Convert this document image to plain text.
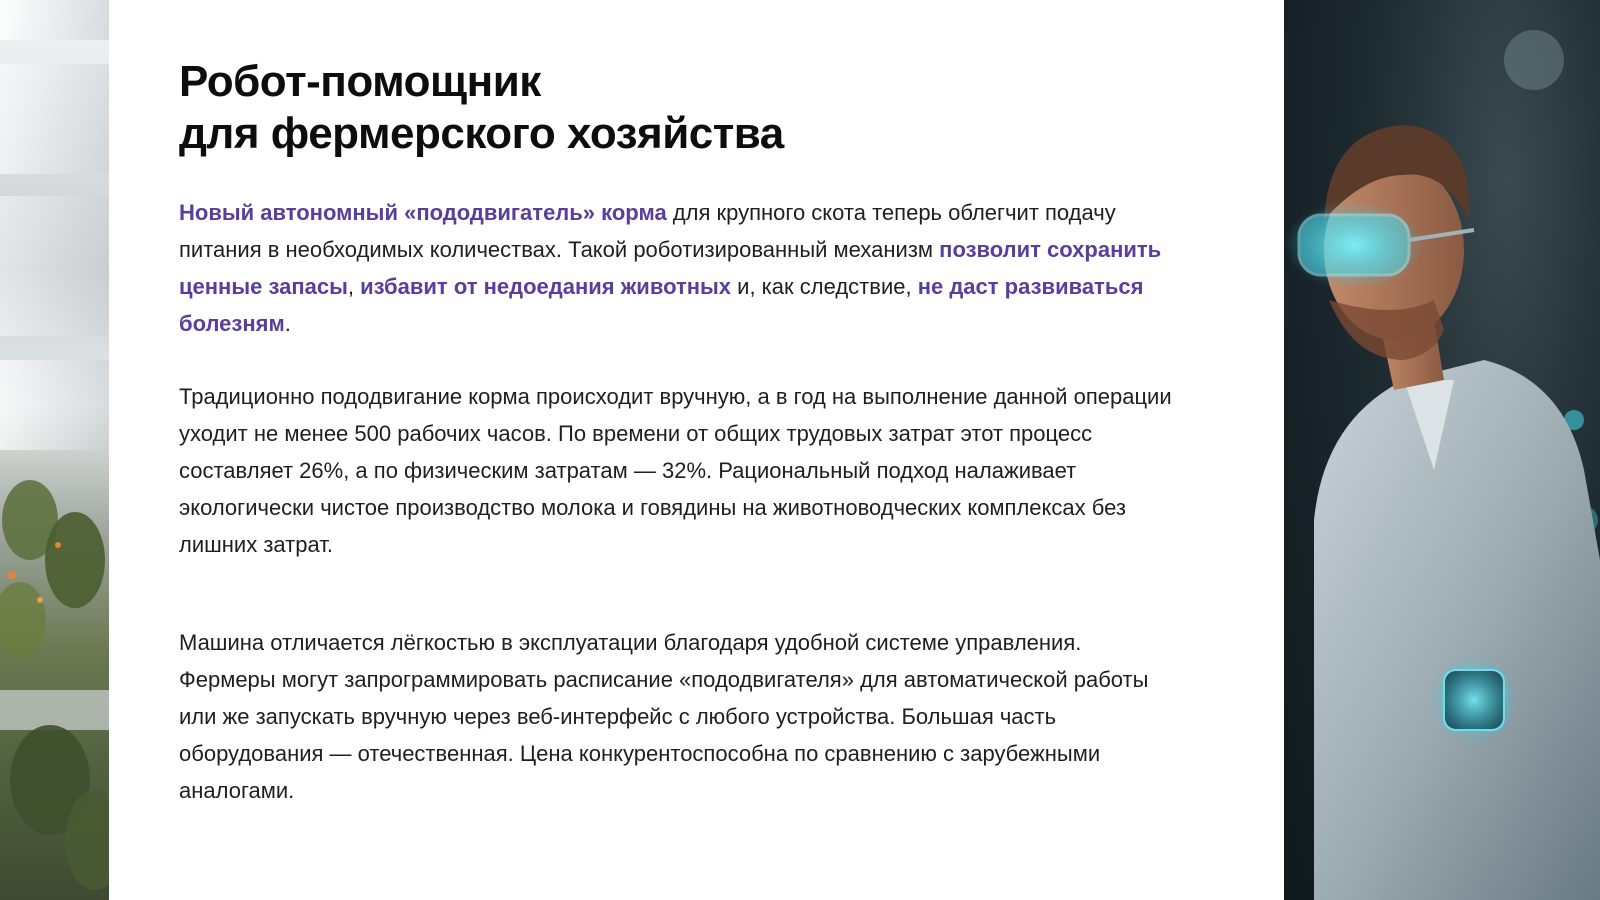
Робот-помощник
для фермерского хозяйства

Новый автономный «пододвигатель» корма для крупного скота теперь облегчит подачу питания в необходимых количествах. Такой роботизированный механизм позволит сохранить ценные запасы, избавит от недоедания животных и, как следствие, не даст развиваться болезням.

Традиционно пододвигание корма происходит вручную, а в год на выполнение данной операции уходит не менее 500 рабочих часов. По времени от общих трудовых затрат этот процесс составляет 26%, а по физическим затратам — 32%. Рациональный подход налаживает экологически чистое производство молока и говядины на животноводческих комплексах без лишних затрат.

Машина отличается лёгкостью в эксплуатации благодаря удобной системе управления. Фермеры могут запрограммировать расписание «пододвигателя» для автоматической работы или же запускать вручную через веб-интерфейс с любого устройства. Большая часть оборудования — отечественная. Цена конкурентоспособна по сравнению с зарубежными аналогами.
